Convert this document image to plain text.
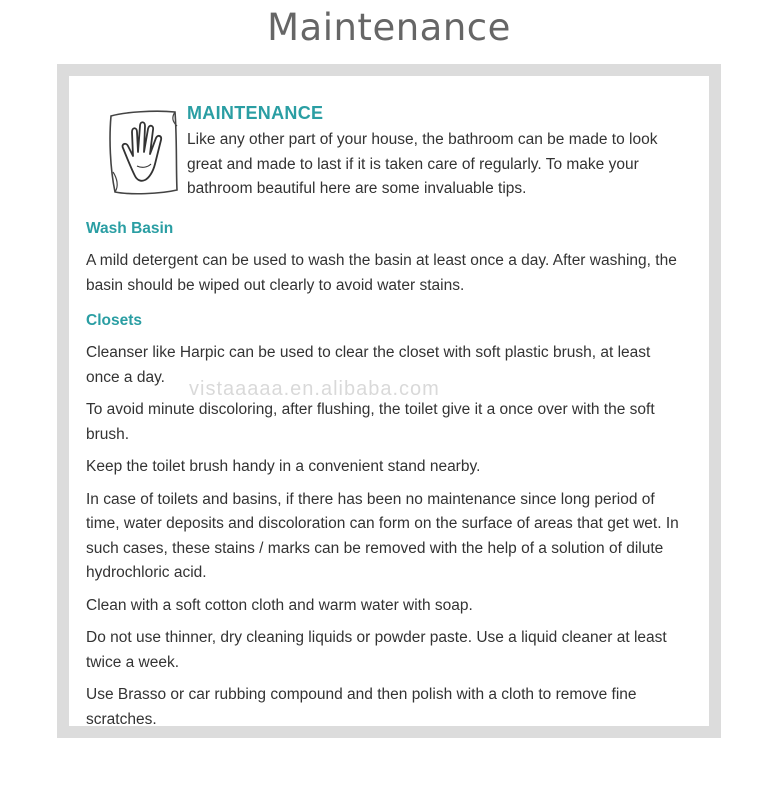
Maintenance
MAINTENANCE

Like any other part of your house, the bathroom can be made to look great and made to last if it is taken care of regularly. To make your bathroom beautiful here are some invaluable tips.

Wash Basin

A mild detergent can be used to wash the basin at least once a day. After washing, the basin should be wiped out clearly to avoid water stains.

Closets

Cleanser like Harpic can be used to clear the closet with soft plastic brush, at least once a day.

To avoid minute discoloring, after flushing, the toilet give it a once over with the soft brush.

Keep the toilet brush handy in a convenient stand nearby.

In case of toilets and basins, if there has been no maintenance since long period of time, water deposits and discoloration can form on the surface of areas that get wet. In such cases, these stains / marks can be removed with the help of a solution of dilute hydrochloric acid.

Clean with a soft cotton cloth and warm water with soap.

Do not use thinner, dry cleaning liquids or powder paste. Use a liquid cleaner at least twice a week.

Use Brasso or car rubbing compound and then polish with a cloth to remove fine scratches.

vistaaaaa.en.alibaba.com
